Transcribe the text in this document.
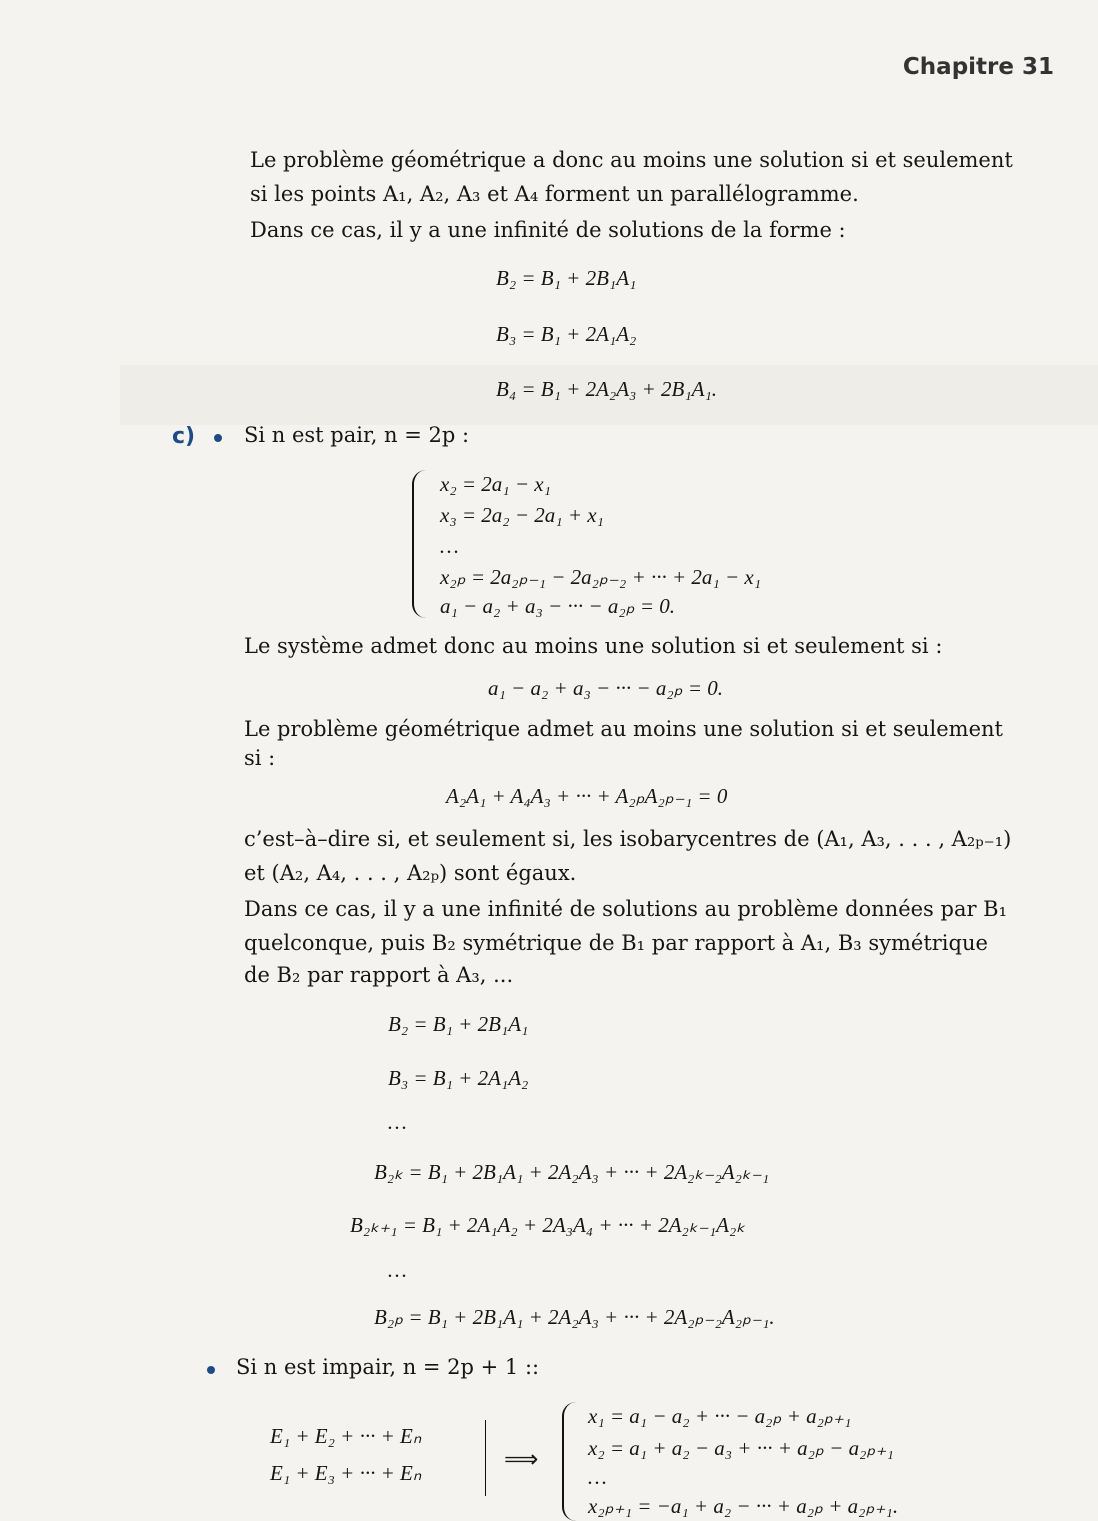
Chapitre 31
Le problème géométrique a donc au moins une solution si et seulement
si les points A₁, A₂, A₃ et A₄ forment un parallélogramme.
Dans ce cas, il y a une infinité de solutions de la forme :
B₂ = B₁ + 2B₁A₁
B₃ = B₁ + 2A₁A₂
B₄ = B₁ + 2A₂A₃ + 2B₁A₁.
c) Si n est pair, n = 2p :
x₂ = 2a₁ − x₁
x₃ = 2a₂ − 2a₁ + x₁
…
x₂ₚ = 2a₂ₚ₋₁ − 2a₂ₚ₋₂ + ··· + 2a₁ − x₁
a₁ − a₂ + a₃ − ··· − a₂ₚ = 0.
Le système admet donc au moins une solution si et seulement si :
a₁ − a₂ + a₃ − ··· − a₂ₚ = 0.
Le problème géométrique admet au moins une solution si et seulement
si :
A₂A₁ + A₄A₃ + ··· + A₂ₚA₂ₚ₋₁ = 0
c’est–à–dire si, et seulement si, les isobarycentres de (A₁, A₃, . . . , A₂ₚ₋₁)
et (A₂, A₄, . . . , A₂ₚ) sont égaux.
Dans ce cas, il y a une infinité de solutions au problème données par B₁
quelconque, puis B₂ symétrique de B₁ par rapport à A₁, B₃ symétrique
de B₂ par rapport à A₃, ...
B₂ = B₁ + 2B₁A₁
B₃ = B₁ + 2A₁A₂
…
B₂ₖ = B₁ + 2B₁A₁ + 2A₂A₃ + ··· + 2A₂ₖ₋₂A₂ₖ₋₁
B₂ₖ₊₁ = B₁ + 2A₁A₂ + 2A₃A₄ + ··· + 2A₂ₖ₋₁A₂ₖ
…
B₂ₚ = B₁ + 2B₁A₁ + 2A₂A₃ + ··· + 2A₂ₚ₋₂A₂ₚ₋₁.
Si n est impair, n = 2p + 1 ::
E₁ + E₂ + ··· + Eₙ
E₁ + E₃ + ··· + Eₙ	⟹
x₁ = a₁ − a₂ + ··· − a₂ₚ + a₂ₚ₊₁
x₂ = a₁ + a₂ − a₃ + ··· + a₂ₚ − a₂ₚ₊₁
…
x₂ₚ₊₁ = −a₁ + a₂ − ··· + a₂ₚ + a₂ₚ₊₁.
